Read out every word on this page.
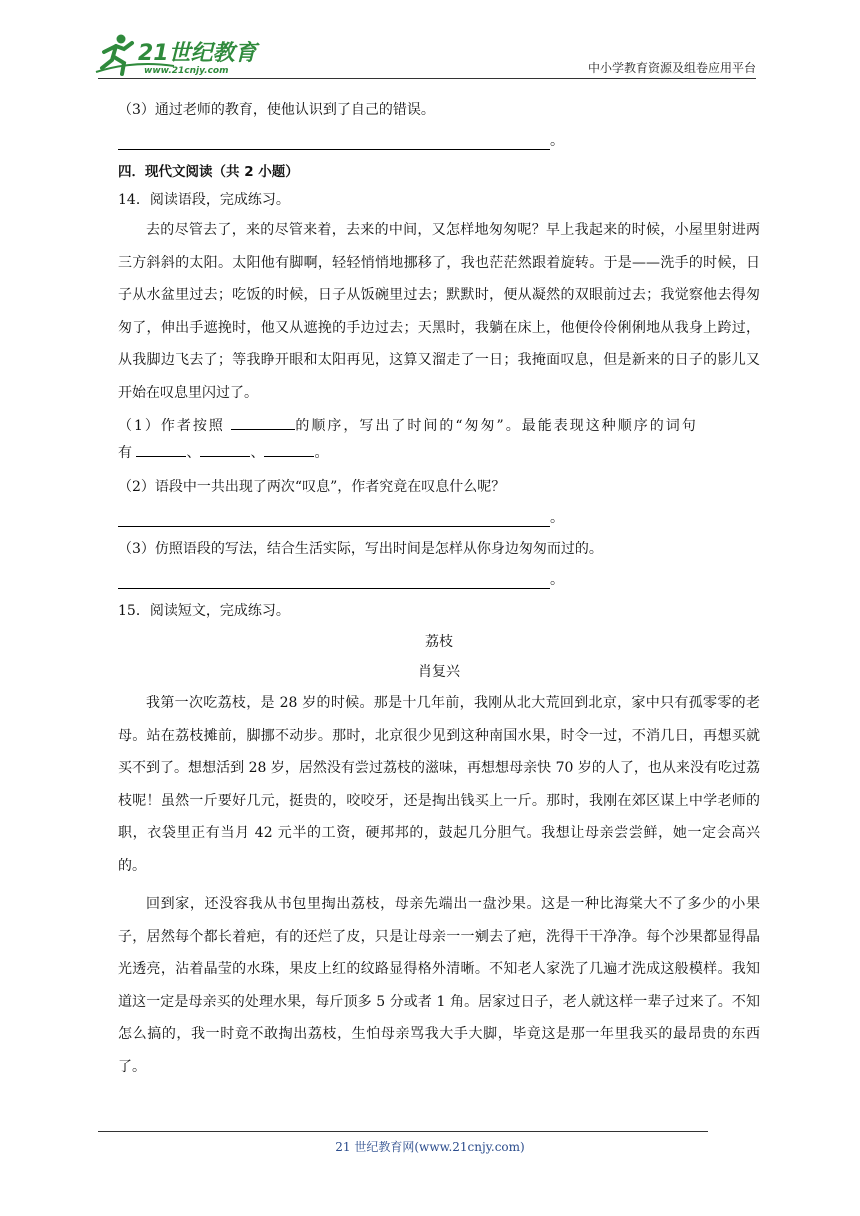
21世纪教育
www.21cnjy.com	中小学教育资源及组卷应用平台

（3）通过老师的教育，使他认识到了自己的错误。

。

四．现代文阅读（共 2 小题）

14．阅读语段，完成练习。

去的尽管去了，来的尽管来着，去来的中间，又怎样地匆匆呢？早上我起来的时候，小屋里射进两三方斜斜的太阳。太阳他有脚啊，轻轻悄悄地挪移了，我也茫茫然跟着旋转。于是——洗手的时候，日子从水盆里过去；吃饭的时候，日子从饭碗里过去；默默时，便从凝然的双眼前过去；我觉察他去得匆匆了，伸出手遮挽时，他又从遮挽的手边过去；天黑时，我躺在床上，他便伶伶俐俐地从我身上跨过，从我脚边飞去了；等我睁开眼和太阳再见，这算又溜走了一日；我掩面叹息，但是新来的日子的影儿又开始在叹息里闪过了。

（1）作者按照	的顺序，写出了时间的“匆匆”。最能表现这种顺序的词句

有	、	、	。

（2）语段中一共出现了两次“叹息”，作者究竟在叹息什么呢？

。

（3）仿照语段的写法，结合生活实际，写出时间是怎样从你身边匆匆而过的。

。

15．阅读短文，完成练习。

荔枝

肖复兴

我第一次吃荔枝，是 28 岁的时候。那是十几年前，我刚从北大荒回到北京，家中只有孤零零的老母。站在荔枝摊前，脚挪不动步。那时，北京很少见到这种南国水果，时令一过，不消几日，再想买就买不到了。想想活到 28 岁，居然没有尝过荔枝的滋味，再想想母亲快 70 岁的人了，也从来没有吃过荔枝呢！虽然一斤要好几元，挺贵的，咬咬牙，还是掏出钱买上一斤。那时，我刚在郊区谋上中学老师的职，衣袋里正有当月 42 元半的工资，硬邦邦的，鼓起几分胆气。我想让母亲尝尝鲜，她一定会高兴的。

回到家，还没容我从书包里掏出荔枝，母亲先端出一盘沙果。这是一种比海棠大不了多少的小果子，居然每个都长着疤，有的还烂了皮，只是让母亲一一剜去了疤，洗得干干净净。每个沙果都显得晶光透亮，沾着晶莹的水珠，果皮上红的纹路显得格外清晰。不知老人家洗了几遍才洗成这般模样。我知道这一定是母亲买的处理水果，每斤顶多 5 分或者 1 角。居家过日子，老人就这样一辈子过来了。不知怎么搞的，我一时竟不敢掏出荔枝，生怕母亲骂我大手大脚，毕竟这是那一年里我买的最昂贵的东西了。

21 世纪教育网(www.21cnjy.com)
